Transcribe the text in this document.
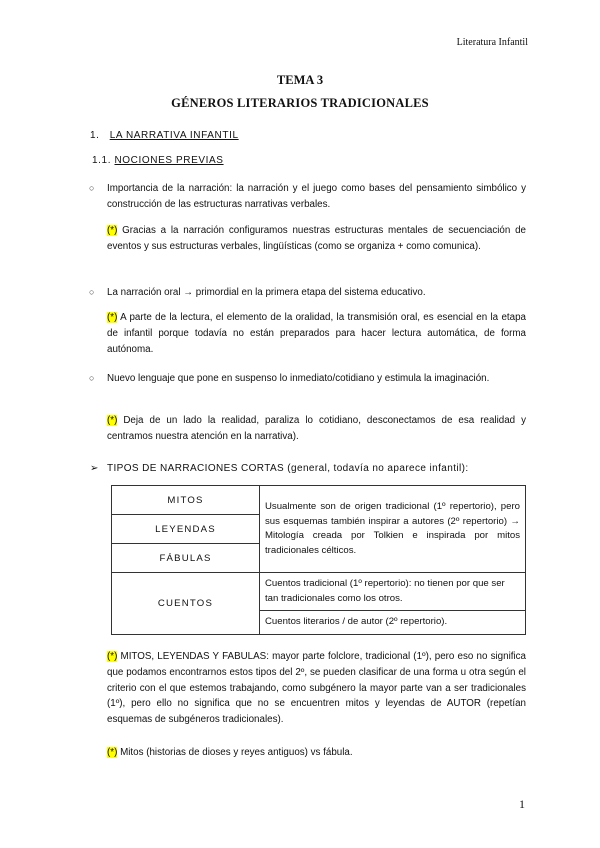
Literatura Infantil
TEMA 3
GÉNEROS LITERARIOS TRADICIONALES
1. LA NARRATIVA INFANTIL
1.1. NOCIONES PREVIAS
○ Importancia de la narración: la narración y el juego como bases del pensamiento simbólico y construcción de las estructuras narrativas verbales.
(*) Gracias a la narración configuramos nuestras estructuras mentales de secuenciación de eventos y sus estructuras verbales, lingüísticas (como se organiza + como comunica).
○ La narración oral → primordial en la primera etapa del sistema educativo.
(*) A parte de la lectura, el elemento de la oralidad, la transmisión oral, es esencial en la etapa de infantil porque todavía no están preparados para hacer lectura automática, de forma autónoma.
○ Nuevo lenguaje que pone en suspenso lo inmediato/cotidiano y estimula la imaginación.
(*) Deja de un lado la realidad, paraliza lo cotidiano, desconectamos de esa realidad y centramos nuestra atención en la narrativa).
➢ TIPOS DE NARRACIONES CORTAS (general, todavía no aparece infantil):
MITOS	Usualmente son de origen tradicional (1º repertorio), pero sus esquemas también inspirar a autores (2º repertorio) → Mitología creada por Tolkien e inspirada por mitos tradicionales célticos.
LEYENDAS	
FÁBULAS	
CUENTOS	Cuentos tradicional (1º repertorio): no tienen por que ser tan tradicionales como los otros.
	Cuentos literarios / de autor (2º repertorio).
(*) MITOS, LEYENDAS Y FABULAS: mayor parte folclore, tradicional (1º), pero eso no significa que podamos encontrarnos estos tipos del 2º, se pueden clasificar de una forma u otra según el criterio con el que estemos trabajando, como subgénero la mayor parte van a ser tradicionales (1º), pero ello no significa que no se encuentren mitos y leyendas de AUTOR (repetían esquemas de subgéneros tradicionales).
(*) Mitos (historias de dioses y reyes antiguos) vs fábula.
1
